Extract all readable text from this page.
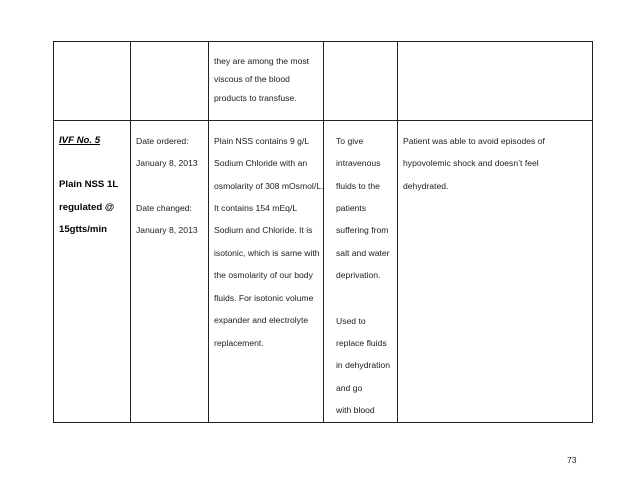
they are among the most
viscous of the blood
products to transfuse.
IVF No. 5
Plain NSS 1L
regulated @
15gtts/min
Date ordered:
January 8, 2013
Date changed:
January 8, 2013
Plain NSS contains 9 g/L
Sodium Chloride with an
osmolarity of 308 mOsmol/L.
It contains 154 mEq/L
Sodium and Chloride. It is
isotonic, which is same with
the osmolarity of our body
fluids. For isotonic volume
expander and electrolyte
replacement.
To give
intravenous
fluids to the
patients
suffering from
salt and water
deprivation.
Used to
replace fluids
in dehydration
and go
with blood
Patient was able to avoid episodes of
hypovolemic shock and doesn’t feel
dehydrated.
73
